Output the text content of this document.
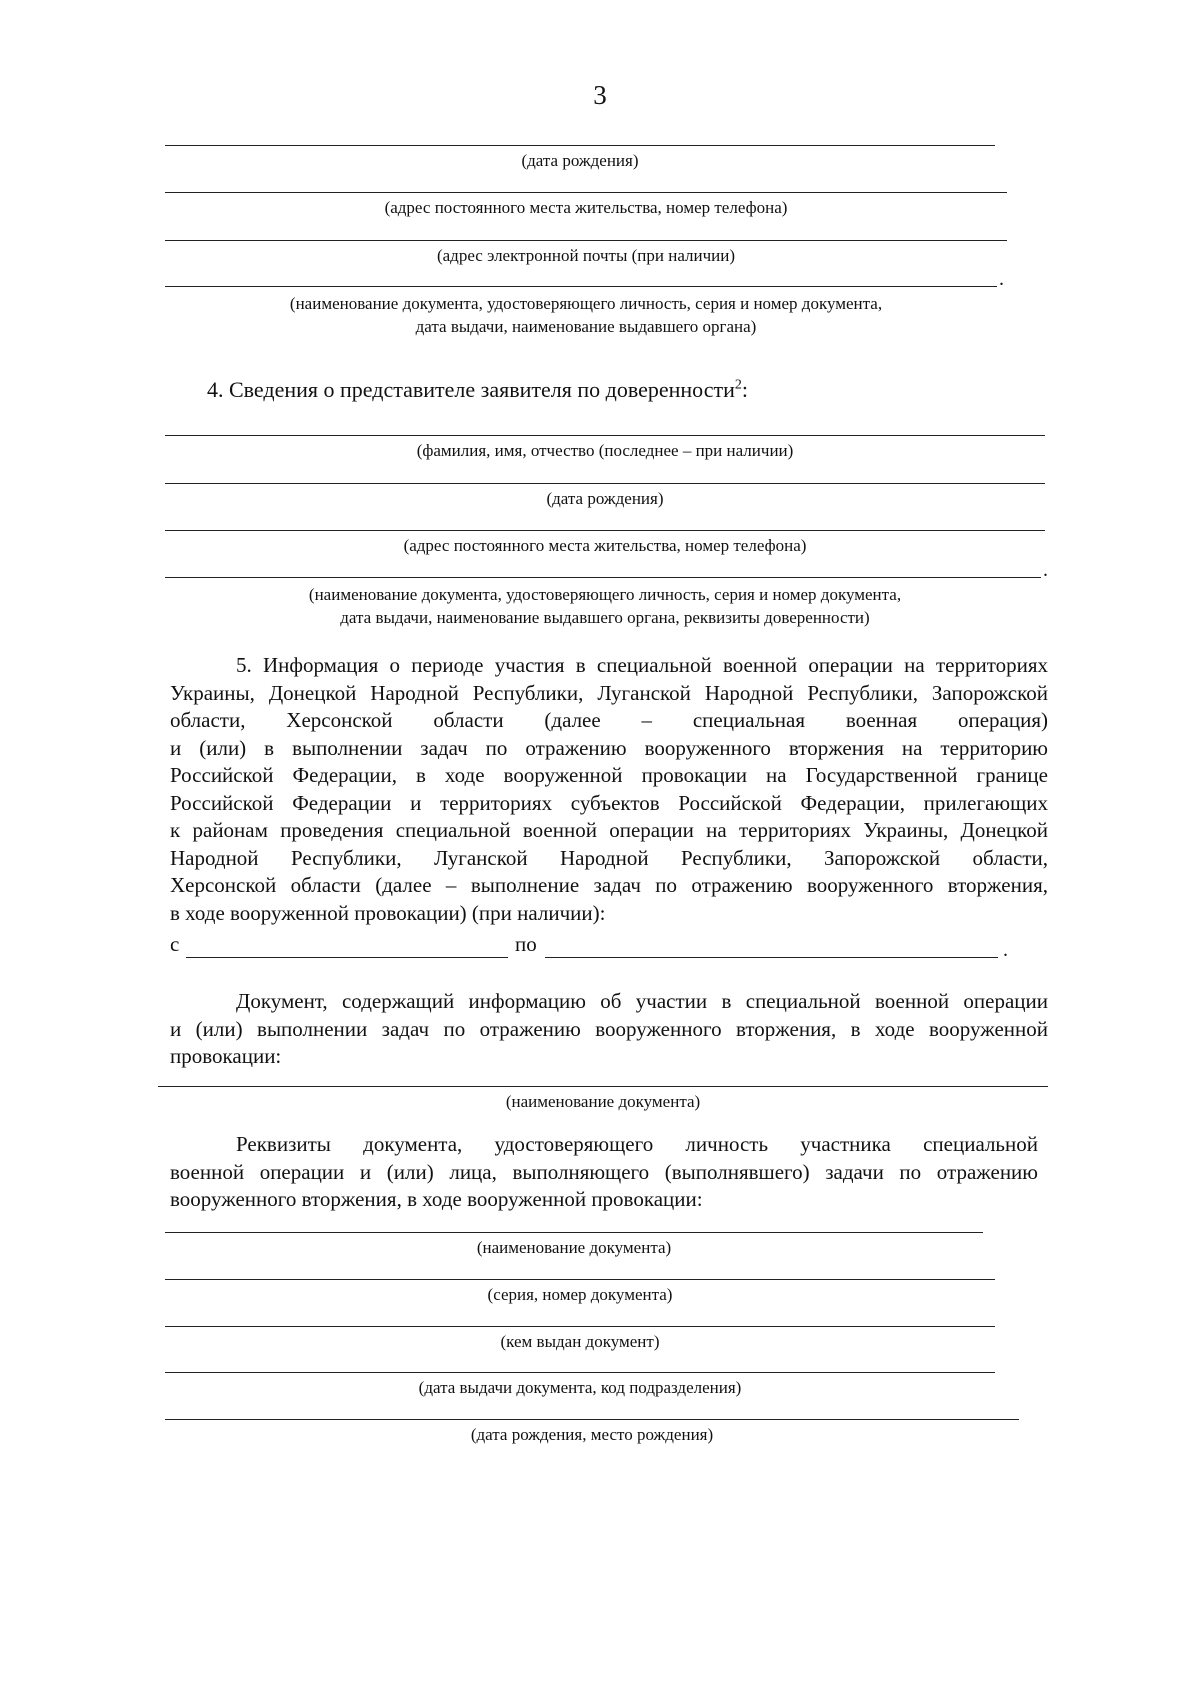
3
(дата рождения)
(адрес постоянного места жительства, номер телефона)
(адрес электронной почты (при наличии)
.
(наименование документа, удостоверяющего личность, серия и номер документа,
дата выдачи, наименование выдавшего органа)
4. Сведения о представителе заявителя по доверенности$^2$:
(фамилия, имя, отчество (последнее – при наличии)
(дата рождения)
(адрес постоянного места жительства, номер телефона)
.
(наименование документа, удостоверяющего личность, серия и номер документа,
дата выдачи, наименование выдавшего органа, реквизиты доверенности)
5. Информация о периоде участия в специальной военной операции на территориях
Украины, Донецкой Народной Республики, Луганской Народной Республики, Запорожской
области, Херсонской области (далее – специальная военная операция)
и (или) в выполнении задач по отражению вооруженного вторжения на территорию
Российской Федерации, в ходе вооруженной провокации на Государственной границе
Российской Федерации и территориях субъектов Российской Федерации, прилегающих
к районам проведения специальной военной операции на территориях Украины, Донецкой
Народной Республики, Луганской Народной Республики, Запорожской области,
Херсонской области (далее – выполнение задач по отражению вооруженного вторжения,
в ходе вооруженной провокации) (при наличии):
с	по	.
Документ, содержащий информацию об участии в специальной военной операции
и (или) выполнении задач по отражению вооруженного вторжения, в ходе вооруженной
провокации:
(наименование документа)
Реквизиты документа, удостоверяющего личность участника специальной
военной операции и (или) лица, выполняющего (выполнявшего) задачи по отражению
вооруженного вторжения, в ходе вооруженной провокации:
(наименование документа)
(серия, номер документа)
(кем выдан документ)
(дата выдачи документа, код подразделения)
(дата рождения, место рождения)
